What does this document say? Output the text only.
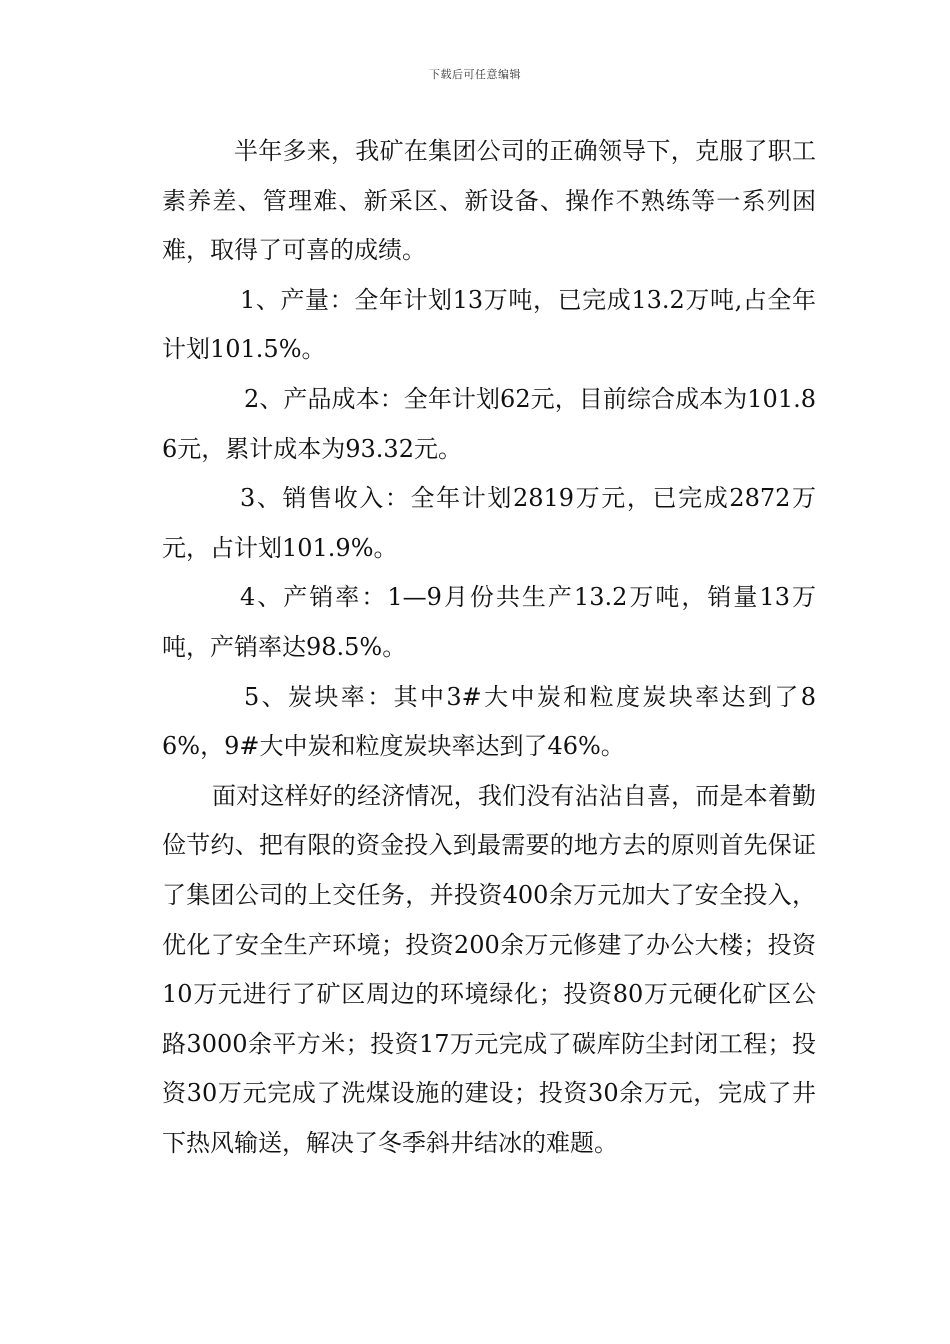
下载后可任意编辑

半年多来，我矿在集团公司的正确领导下，克服了职工素养差、管理难、新采区、新设备、操作不熟练等一系列困难，取得了可喜的成绩。

1、产量：全年计划13万吨，已完成13.2万吨,占全年计划101.5%。

2、产品成本：全年计划62元，目前综合成本为101.86元，累计成本为93.32元。

3、销售收入：全年计划2819万元，已完成2872万元，占计划101.9%。

4、产销率：1—9月份共生产13.2万吨，销量13万吨，产销率达98.5%。

5、炭块率：其中3#大中炭和粒度炭块率达到了86%，9#大中炭和粒度炭块率达到了46%。

面对这样好的经济情况，我们没有沾沾自喜，而是本着勤俭节约、把有限的资金投入到最需要的地方去的原则首先保证了集团公司的上交任务，并投资400余万元加大了安全投入，优化了安全生产环境；投资200余万元修建了办公大楼；投资10万元进行了矿区周边的环境绿化；投资80万元硬化矿区公路3000余平方米；投资17万元完成了碳库防尘封闭工程；投资30万元完成了洗煤设施的建设；投资30余万元，完成了井下热风输送，解决了冬季斜井结冰的难题。
